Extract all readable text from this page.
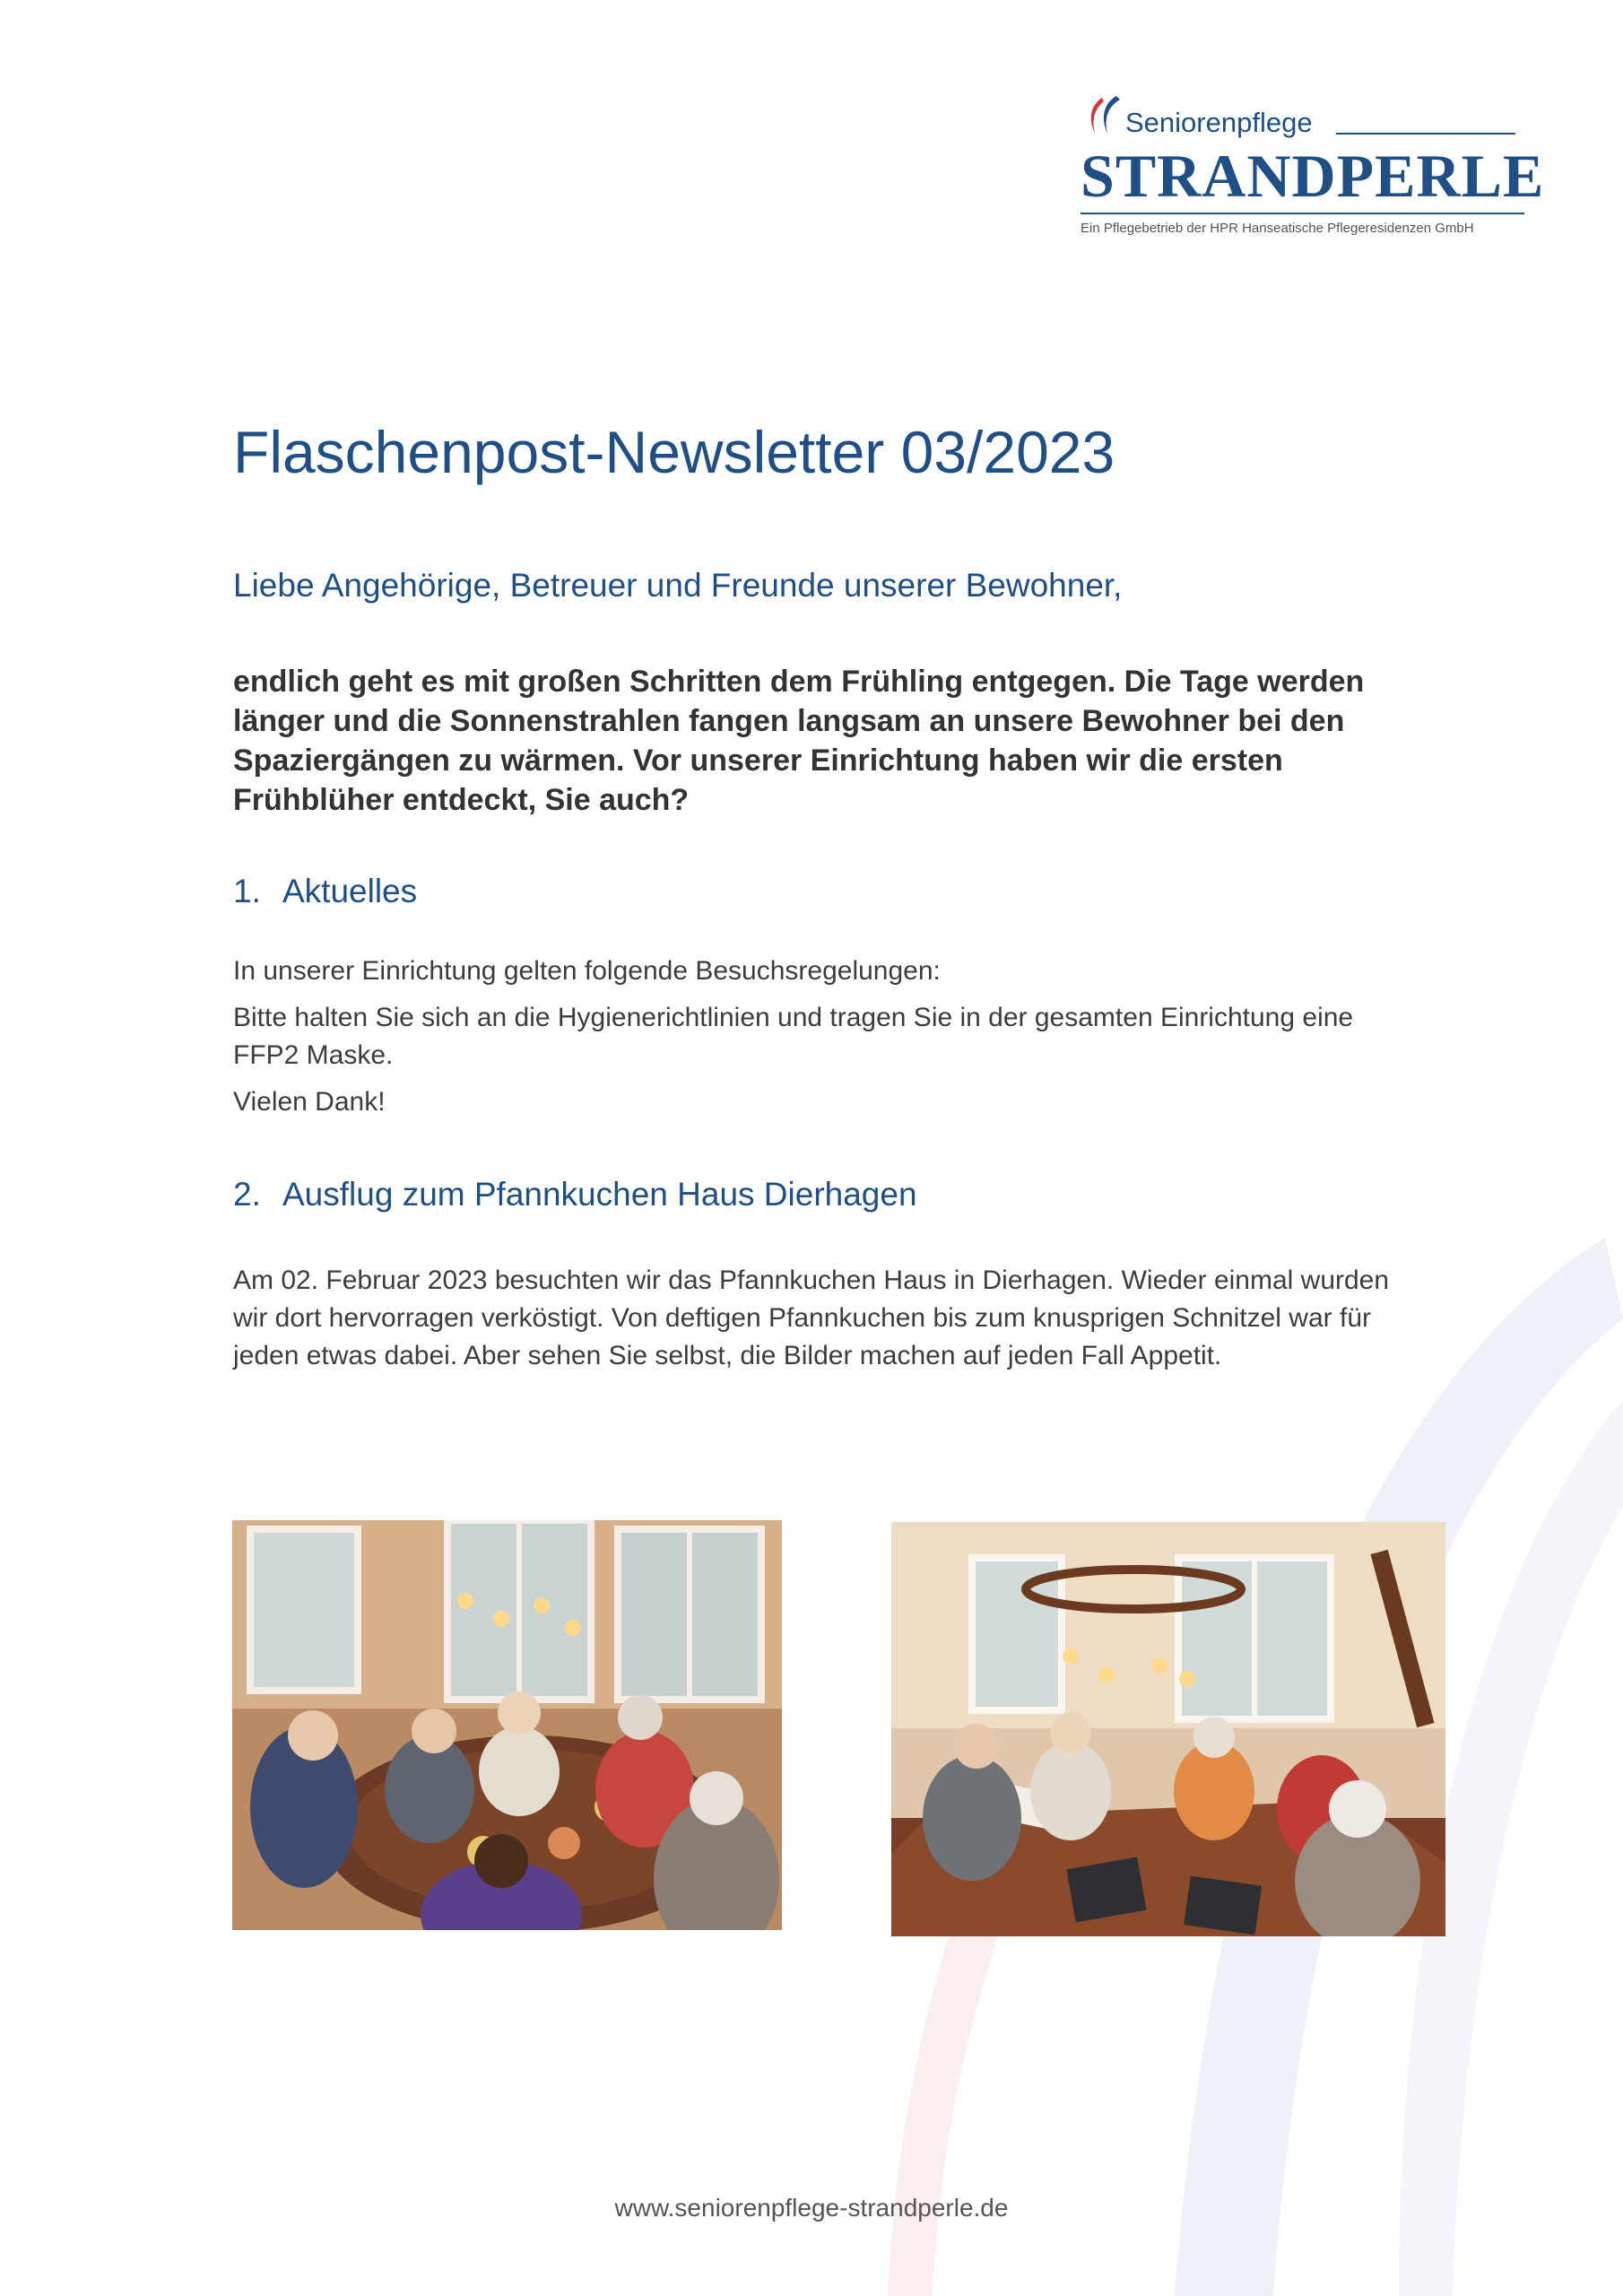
Seniorenpflege
STRANDPERLE
Ein Pflegebetrieb der HPR Hanseatische Pflegeresidenzen GmbH
Flaschenpost-Newsletter 03/2023
Liebe Angehörige, Betreuer und Freunde unserer Bewohner,

endlich geht es mit großen Schritten dem Frühling entgegen. Die Tage werden länger und die Sonnenstrahlen fangen langsam an unsere Bewohner bei den Spaziergängen zu wärmen. Vor unserer Einrichtung haben wir die ersten Frühblüher entdeckt, Sie auch?

1. Aktuelles

In unserer Einrichtung gelten folgende Besuchsregelungen:

Bitte halten Sie sich an die Hygienerichtlinien und tragen Sie in der gesamten Einrichtung eine FFP2 Maske.

Vielen Dank!

2. Ausflug zum Pfannkuchen Haus Dierhagen

Am 02. Februar 2023 besuchten wir das Pfannkuchen Haus in Dierhagen. Wieder einmal wurden wir dort hervorragen verköstigt. Von deftigen Pfannkuchen bis zum knusprigen Schnitzel war für jeden etwas dabei. Aber sehen Sie selbst, die Bilder machen auf jeden Fall Appetit.

www.seniorenpflege-strandperle.de
